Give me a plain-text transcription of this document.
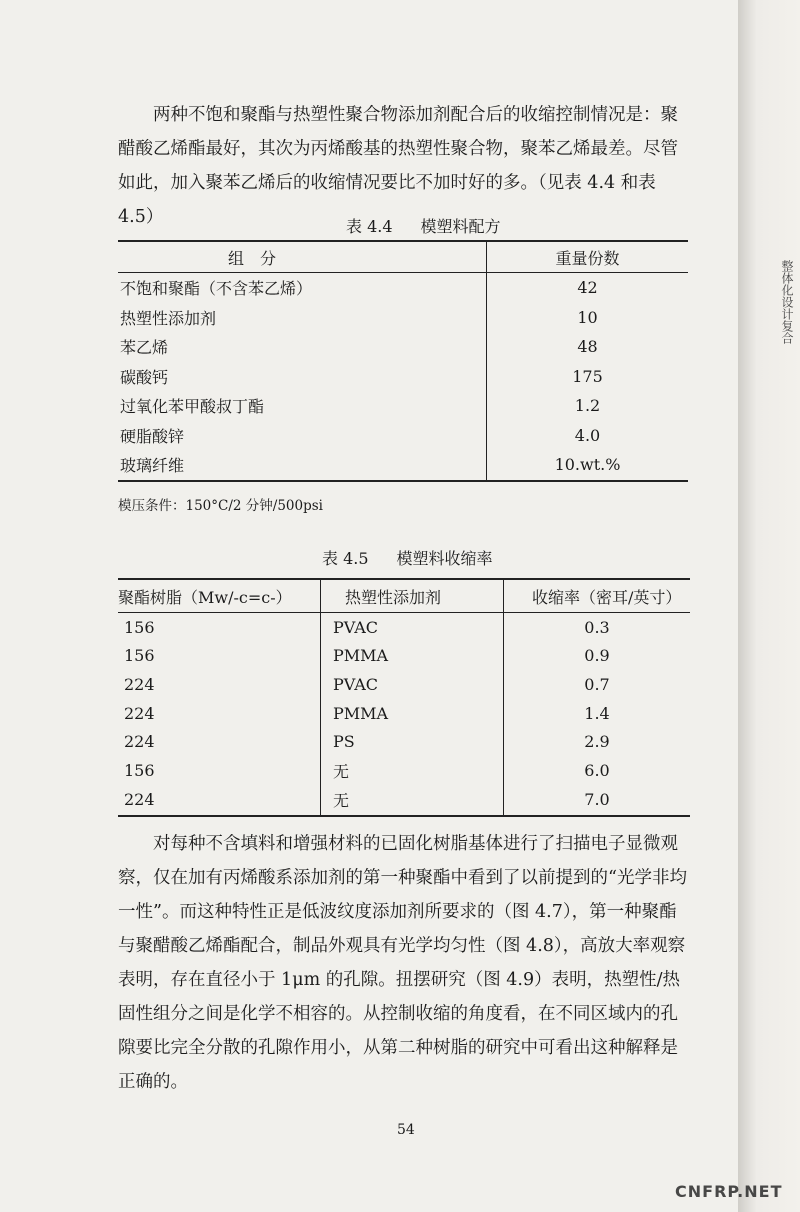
两种不饱和聚酯与热塑性聚合物添加剂配合后的收缩控制情况是：聚醋酸乙烯酯最好，其次为丙烯酸基的热塑性聚合物，聚苯乙烯最差。尽管如此，加入聚苯乙烯后的收缩情况要比不加时好的多。（见表 4.4 和表 4.5）	表 4.4 模塑料配方
组分	重量份数
不饱和聚酯（不含苯乙烯）	42
热塑性添加剂	10
苯乙烯	48
碳酸钙	175
过氧化苯甲酸叔丁酯	1.2
硬脂酸锌	4.0
玻璃纤维	10.wt.%
模压条件：150°C/2 分钟/500psi
表 4.5 模塑料收缩率
聚酯树脂（Mw/-c=c-）	热塑性添加剂	收缩率（密耳/英寸）
156	PVAC	0.3
156	PMMA	0.9
224	PVAC	0.7
224	PMMA	1.4
224	PS	2.9
156	无	6.0
224	无	7.0

对每种不含填料和增强材料的已固化树脂基体进行了扫描电子显微观察，仅在加有丙烯酸系添加剂的第一种聚酯中看到了以前提到的“光学非均一性”。而这种特性正是低波纹度添加剂所要求的（图 4.7），第一种聚酯与聚醋酸乙烯酯配合，制品外观具有光学均匀性（图 4.8），高放大率观察表明，存在直径小于 1μm 的孔隙。扭摆研究（图 4.9）表明，热塑性/热固性组分之间是化学不相容的。从控制收缩的角度看，在不同区域内的孔隙要比完全分散的孔隙作用小，从第二种树脂的研究中可看出这种解释是正确的。

54
整体化设计复合
CNFRP.NET
